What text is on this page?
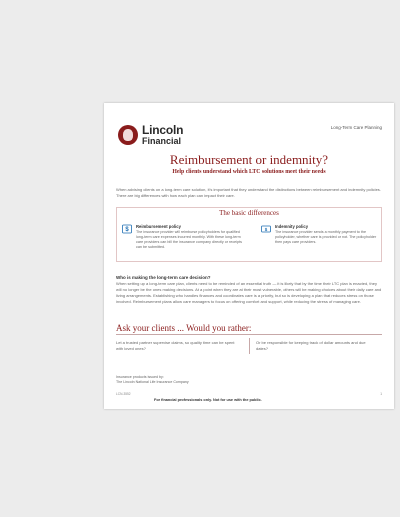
Lincoln
Financial
Long-Term Care Planning
Reimbursement or indemnity?
Help clients understand which LTC solutions meet their needs
When advising clients on a long-term care solution, it's important that they understand the distinctions between reimbursement and indemnity policies. There are big differences with how each plan can impact their care.
The basic differences
$
Reimbursement policy
The insurance provider will reimburse policyholders for qualified long-term care expenses incurred monthly. With these long-term care providers can bill the insurance company directly or receipts can be submitted.
$
Indemnity policy
The insurance provider sends a monthly payment to the policyholder, whether care is provided or not. The policyholder then pays care providers.
Who is making the long-term care decision?
When setting up a long-term care plan, clients need to be reminded of an essential truth — it is likely that by the time their LTC plan is enacted, they will no longer be the ones making decisions. At a point when they are at their most vulnerable, others will be making choices about their daily care and living arrangements. Establishing who handles finances and coordinates care is a priority, but so is developing a plan that reduces stress on those involved. Reimbursement plans allow care managers to focus on offering comfort and support, while reducing the stress of managing care.
Ask your clients ... Would you rather:
Let a trusted partner supervise claims, so quality time can be spent with loved ones?
Or be responsible for keeping track of dollar amounts and due dates?
Insurance products issued by:
The Lincoln National Life Insurance Company
LCN-3552	1
For financial professionals only. Not for use with the public.
